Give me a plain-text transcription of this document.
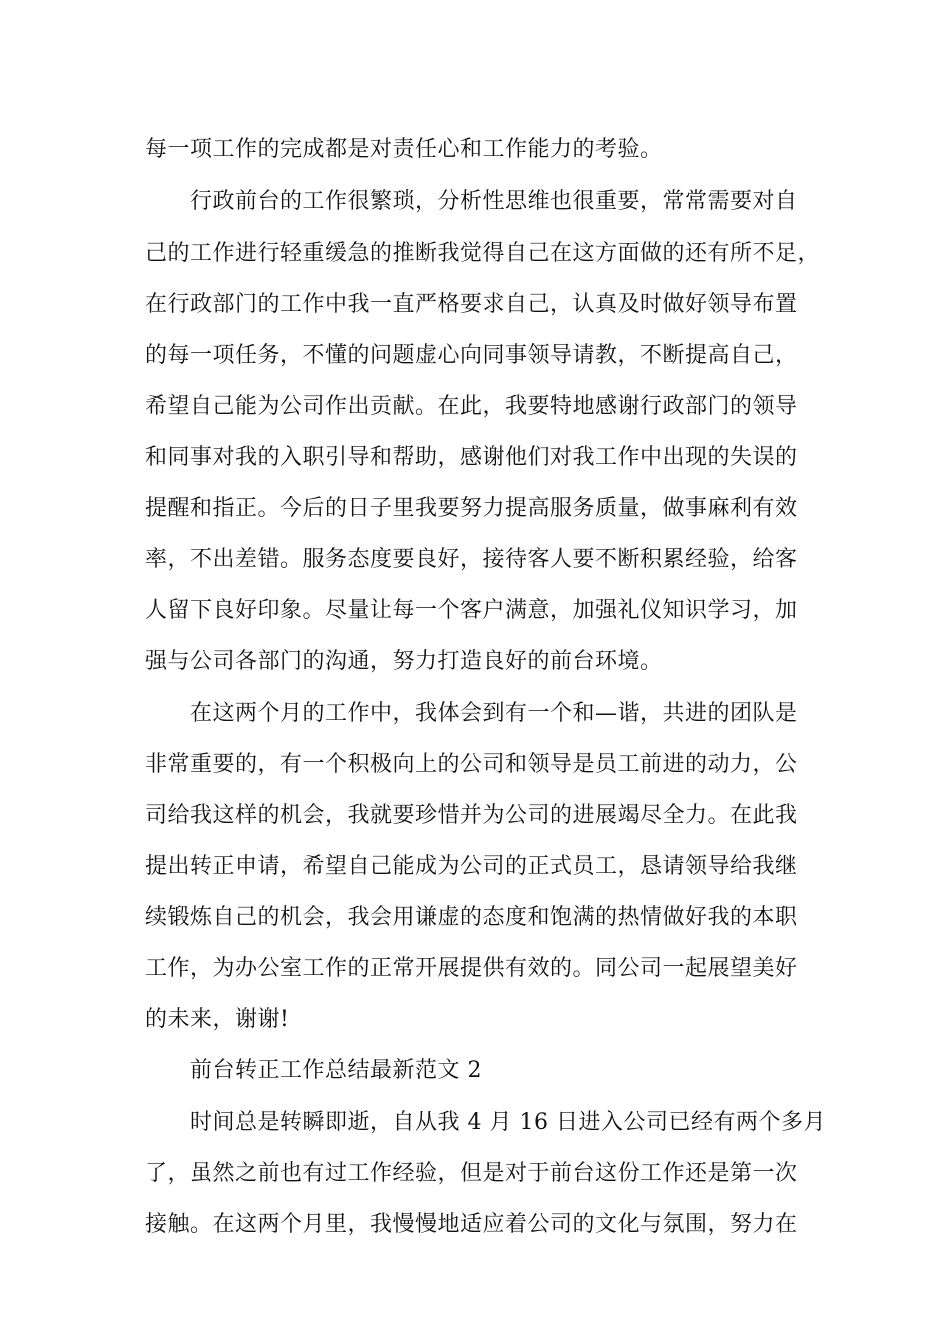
每一项工作的完成都是对责任心和工作能力的考验。
行政前台的工作很繁琐，分析性思维也很重要，常常需要对自
己的工作进行轻重缓急的推断我觉得自己在这方面做的还有所不足，
在行政部门的工作中我一直严格要求自己，认真及时做好领导布置
的每一项任务，不懂的问题虚心向同事领导请教，不断提高自己，
希望自己能为公司作出贡献。在此，我要特地感谢行政部门的领导
和同事对我的入职引导和帮助，感谢他们对我工作中出现的失误的
提醒和指正。今后的日子里我要努力提高服务质量，做事麻利有效
率，不出差错。服务态度要良好，接待客人要不断积累经验，给客
人留下良好印象。尽量让每一个客户满意，加强礼仪知识学习，加
强与公司各部门的沟通，努力打造良好的前台环境。
在这两个月的工作中，我体会到有一个和—谐，共进的团队是
非常重要的，有一个积极向上的公司和领导是员工前进的动力，公
司给我这样的机会，我就要珍惜并为公司的进展竭尽全力。在此我
提出转正申请，希望自己能成为公司的正式员工，恳请领导给我继
续锻炼自己的机会，我会用谦虚的态度和饱满的热情做好我的本职
工作，为办公室工作的正常开展提供有效的。同公司一起展望美好
的未来，谢谢!
前台转正工作总结最新范文 2
时间总是转瞬即逝，自从我 4 月 16 日进入公司已经有两个多月
了，虽然之前也有过工作经验，但是对于前台这份工作还是第一次
接触。在这两个月里，我慢慢地适应着公司的文化与氛围，努力在
